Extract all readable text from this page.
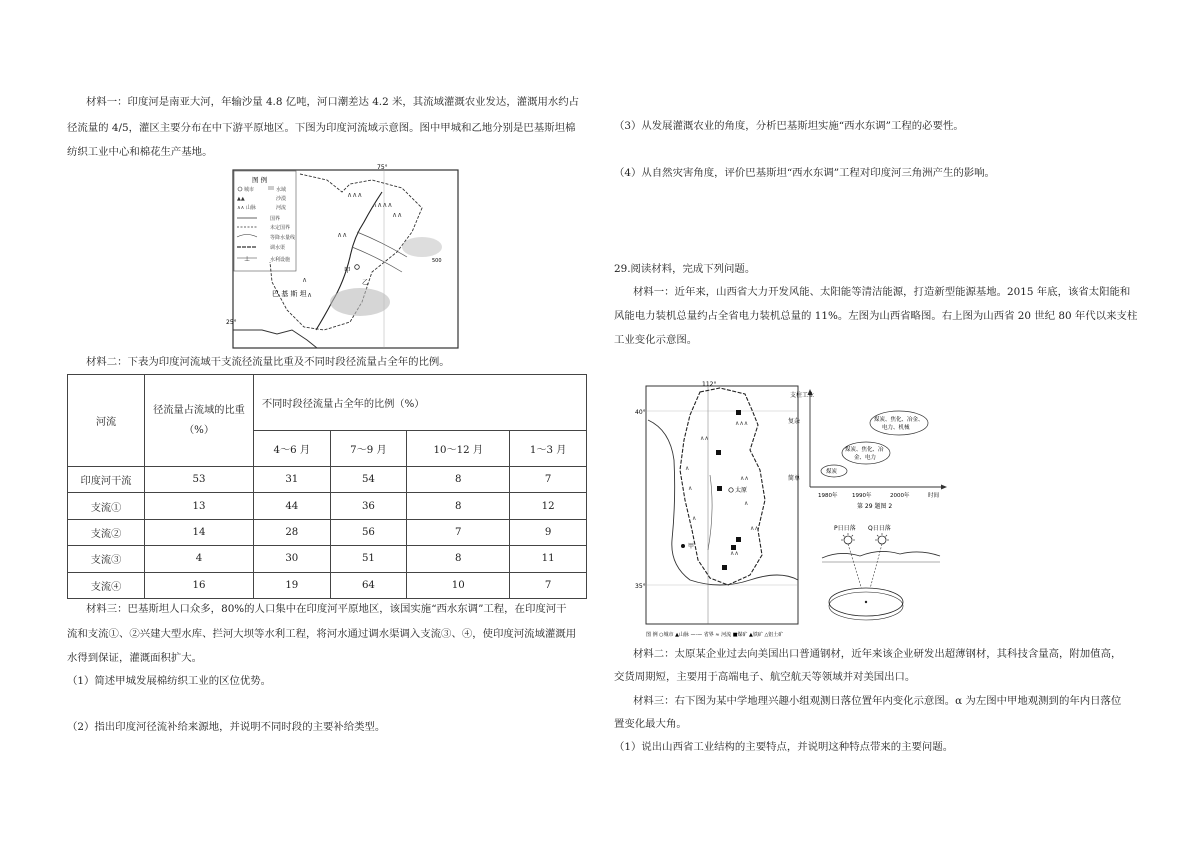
材料一：印度河是南亚大河，年输沙量 4.8 亿吨，河口潮差达 4.2 米，其流域灌溉农业发达，灌溉用水约占
径流量的 4/5，灌区主要分布在中下游平原地区。下图为印度河流域示意图。图中甲城和乙地分别是巴基斯坦棉
纺织工业中心和棉花生产基地。
图 例
城市	水域
▲▲	沙漠
河流
∧∧ 山脉
国界
未定国界
等降水量线
调水渠
⊥	水利设施
75°
25°
∧∧∧
∧∧∧∧
∧∧
∧
∧
∧∧
巴 基 斯 坦
甲
乙
500
材料二：下表为印度河流域干支流径流量比重及不同时段径流量占全年的比例。
河流	径流量占流域的比重（%）	不同时段径流量占全年的比例（%）			
		4～6 月	7～9 月	10～12 月	1～3 月
印度河干流	53	31	54	8	7
支流①	13	44	36	8	12
支流②	14	28	56	7	9
支流③	4	30	51	8	11
支流④	16	19	64	10	7
材料三：巴基斯坦人口众多，80%的人口集中在印度河平原地区，该国实施“西水东调”工程，在印度河干
流和支流①、②兴建大型水库、拦河大坝等水利工程，将河水通过调水渠调入支流③、④，使印度河流域灌溉用
水得到保证，灌溉面积扩大。
（1）简述甲城发展棉纺织工业的区位优势。
（2）指出印度河径流补给来源地，并说明不同时段的主要补给类型。
（3）从发展灌溉农业的角度，分析巴基斯坦实施“西水东调”工程的必要性。
（4）从自然灾害角度，评价巴基斯坦“西水东调”工程对印度河三角洲产生的影响。
29.阅读材料，完成下列问题。
材料一：近年来，山西省大力开发风能、太阳能等清洁能源，打造新型能源基地。2015 年底，该省太阳能和
风能电力装机总量约占全省电力装机总量的 11%。左图为山西省略图。右上图为山西省 20 世纪 80 年代以来支柱
工业变化示意图。
112°
40°
35°
∧∧
∧∧∧
∧
∧
∧∧
∧
∧
∧∧
∧∧
太原
甲
图 例 ○城市 ▲山脉 —·— 省界 ≈ 河流 ■煤矿 ▲铁矿 △铝土矿
支柱工业
复杂
简单
1980年	1990年	2000年	时间
煤炭
煤炭、焦化、冶
金、电力
煤炭、焦化、冶金、
电力、机械
第 29 题图 2
P日日落 Q日日落
材料二：太原某企业过去向美国出口普通钢材，近年来该企业研发出超薄钢材，其科技含量高，附加值高，
交货周期短，主要用于高端电子、航空航天等领域并对美国出口。
材料三：右下图为某中学地理兴趣小组观测日落位置年内变化示意图。α 为左图中甲地观测到的年内日落位
置变化最大角。
（1）说出山西省工业结构的主要特点，并说明这种特点带来的主要问题。
